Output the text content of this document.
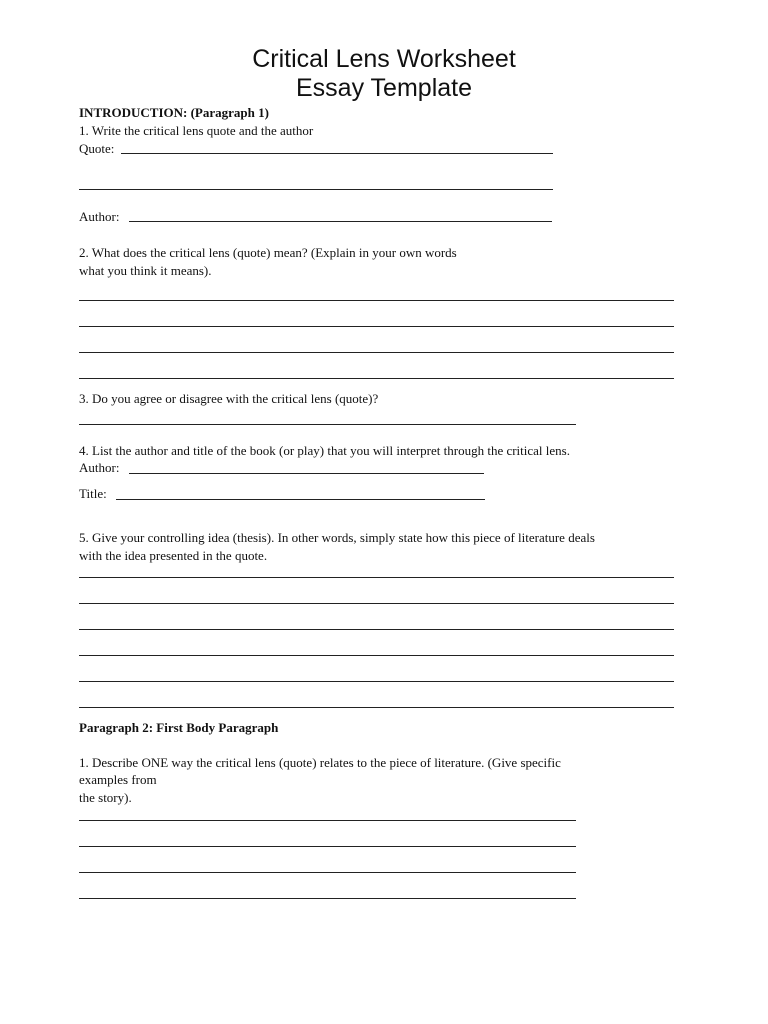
Critical Lens Worksheet
Essay Template
INTRODUCTION: (Paragraph 1)
1. Write the critical lens quote and the author
Quote:
Author:
2. What does the critical lens (quote) mean? (Explain in your own words
what you think it means).
3. Do you agree or disagree with the critical lens (quote)?
4. List the author and title of the book (or play) that you will interpret through the critical lens.
Author:
Title:
5. Give your controlling idea (thesis). In other words, simply state how this piece of literature deals
with the idea presented in the quote.
Paragraph 2: First Body Paragraph
1. Describe ONE way the critical lens (quote) relates to the piece of literature. (Give specific
examples from
the story).
